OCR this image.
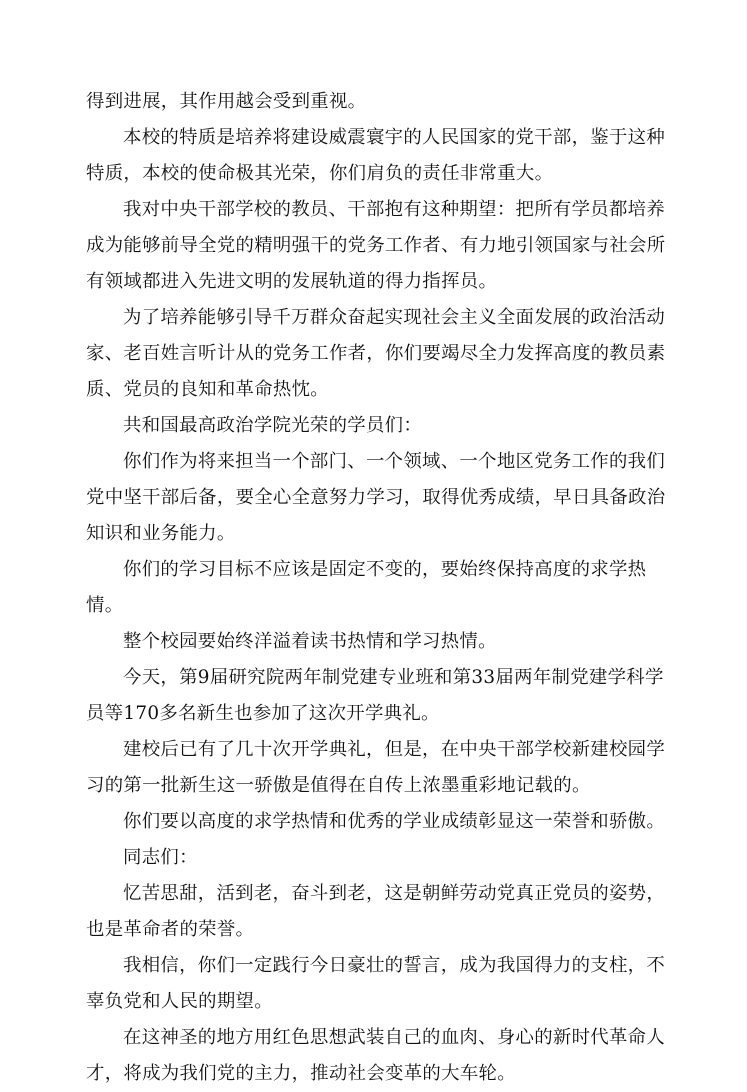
得到进展，其作用越会受到重视。

本校的特质是培养将建设威震寰宇的人民国家的党干部，鉴于这种特质，本校的使命极其光荣，你们肩负的责任非常重大。

我对中央干部学校的教员、干部抱有这种期望：把所有学员都培养成为能够前导全党的精明强干的党务工作者、有力地引领国家与社会所有领域都进入先进文明的发展轨道的得力指挥员。

为了培养能够引导千万群众奋起实现社会主义全面发展的政治活动家、老百姓言听计从的党务工作者，你们要竭尽全力发挥高度的教员素质、党员的良知和革命热忱。

共和国最高政治学院光荣的学员们：

你们作为将来担当一个部门、一个领域、一个地区党务工作的我们党中坚干部后备，要全心全意努力学习，取得优秀成绩，早日具备政治知识和业务能力。

你们的学习目标不应该是固定不变的，要始终保持高度的求学热情。

整个校园要始终洋溢着读书热情和学习热情。

今天，第9届研究院两年制党建专业班和第33届两年制党建学科学员等170多名新生也参加了这次开学典礼。

建校后已有了几十次开学典礼，但是，在中央干部学校新建校园学习的第一批新生这一骄傲是值得在自传上浓墨重彩地记载的。

你们要以高度的求学热情和优秀的学业成绩彰显这一荣誉和骄傲。

同志们：

忆苦思甜，活到老，奋斗到老，这是朝鲜劳动党真正党员的姿势，也是革命者的荣誉。

我相信，你们一定践行今日豪壮的誓言，成为我国得力的支柱，不辜负党和人民的期望。

在这神圣的地方用红色思想武装自己的血肉、身心的新时代革命人才，将成为我们党的主力，推动社会变革的大车轮。
